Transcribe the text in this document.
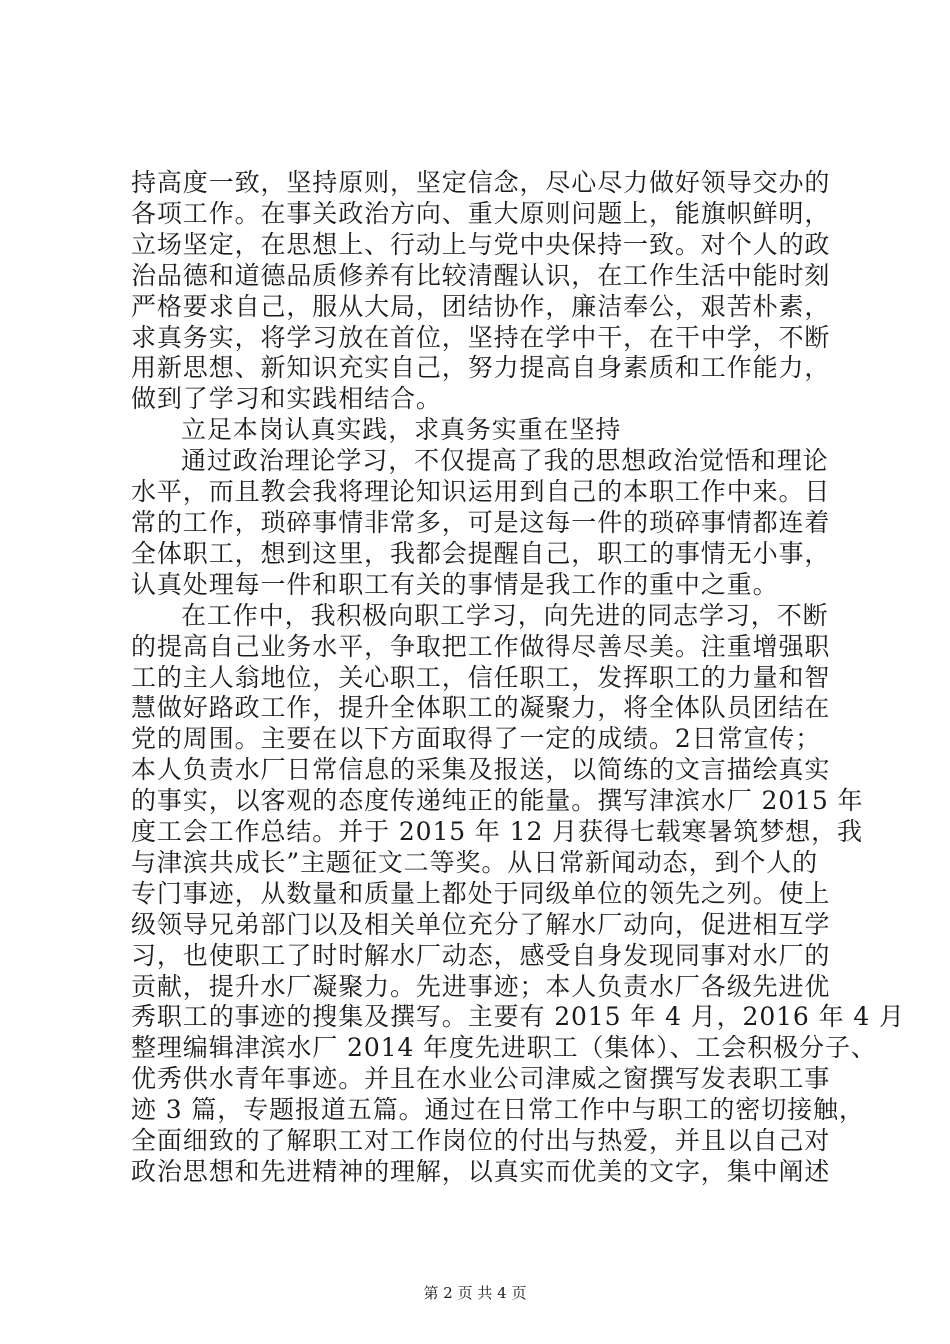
持高度一致，坚持原则，坚定信念，尽心尽力做好领导交办的
各项工作。在事关政治方向、重大原则问题上，能旗帜鲜明，
立场坚定，在思想上、行动上与党中央保持一致。对个人的政
治品德和道德品质修养有比较清醒认识，在工作生活中能时刻
严格要求自己，服从大局，团结协作，廉洁奉公，艰苦朴素，
求真务实，将学习放在首位，坚持在学中干，在干中学，不断
用新思想、新知识充实自己，努力提高自身素质和工作能力，
做到了学习和实践相结合。
立足本岗认真实践，求真务实重在坚持
通过政治理论学习，不仅提高了我的思想政治觉悟和理论
水平，而且教会我将理论知识运用到自己的本职工作中来。日
常的工作，琐碎事情非常多，可是这每一件的琐碎事情都连着
全体职工，想到这里，我都会提醒自己，职工的事情无小事，
认真处理每一件和职工有关的事情是我工作的重中之重。
在工作中，我积极向职工学习，向先进的同志学习，不断
的提高自己业务水平，争取把工作做得尽善尽美。注重增强职
工的主人翁地位，关心职工，信任职工，发挥职工的力量和智
慧做好路政工作，提升全体职工的凝聚力，将全体队员团结在
党的周围。主要在以下方面取得了一定的成绩。2日常宣传；
本人负责水厂日常信息的采集及报送，以简练的文言描绘真实
的事实，以客观的态度传递纯正的能量。撰写津滨水厂 2015 年
度工会工作总结。并于 2015 年 12 月获得七载寒暑筑梦想，我
与津滨共成长”主题征文二等奖。从日常新闻动态，到个人的
专门事迹，从数量和质量上都处于同级单位的领先之列。使上
级领导兄弟部门以及相关单位充分了解水厂动向，促进相互学
习，也使职工了时时解水厂动态，感受自身发现同事对水厂的
贡献，提升水厂凝聚力。先进事迹；本人负责水厂各级先进优
秀职工的事迹的搜集及撰写。主要有 2015 年 4 月，2016 年 4 月
整理编辑津滨水厂 2014 年度先进职工（集体）、工会积极分子、
优秀供水青年事迹。并且在水业公司津威之窗撰写发表职工事
迹 3 篇，专题报道五篇。通过在日常工作中与职工的密切接触，
全面细致的了解职工对工作岗位的付出与热爱，并且以自己对
政治思想和先进精神的理解，以真实而优美的文字，集中阐述
第 2 页 共 4 页
